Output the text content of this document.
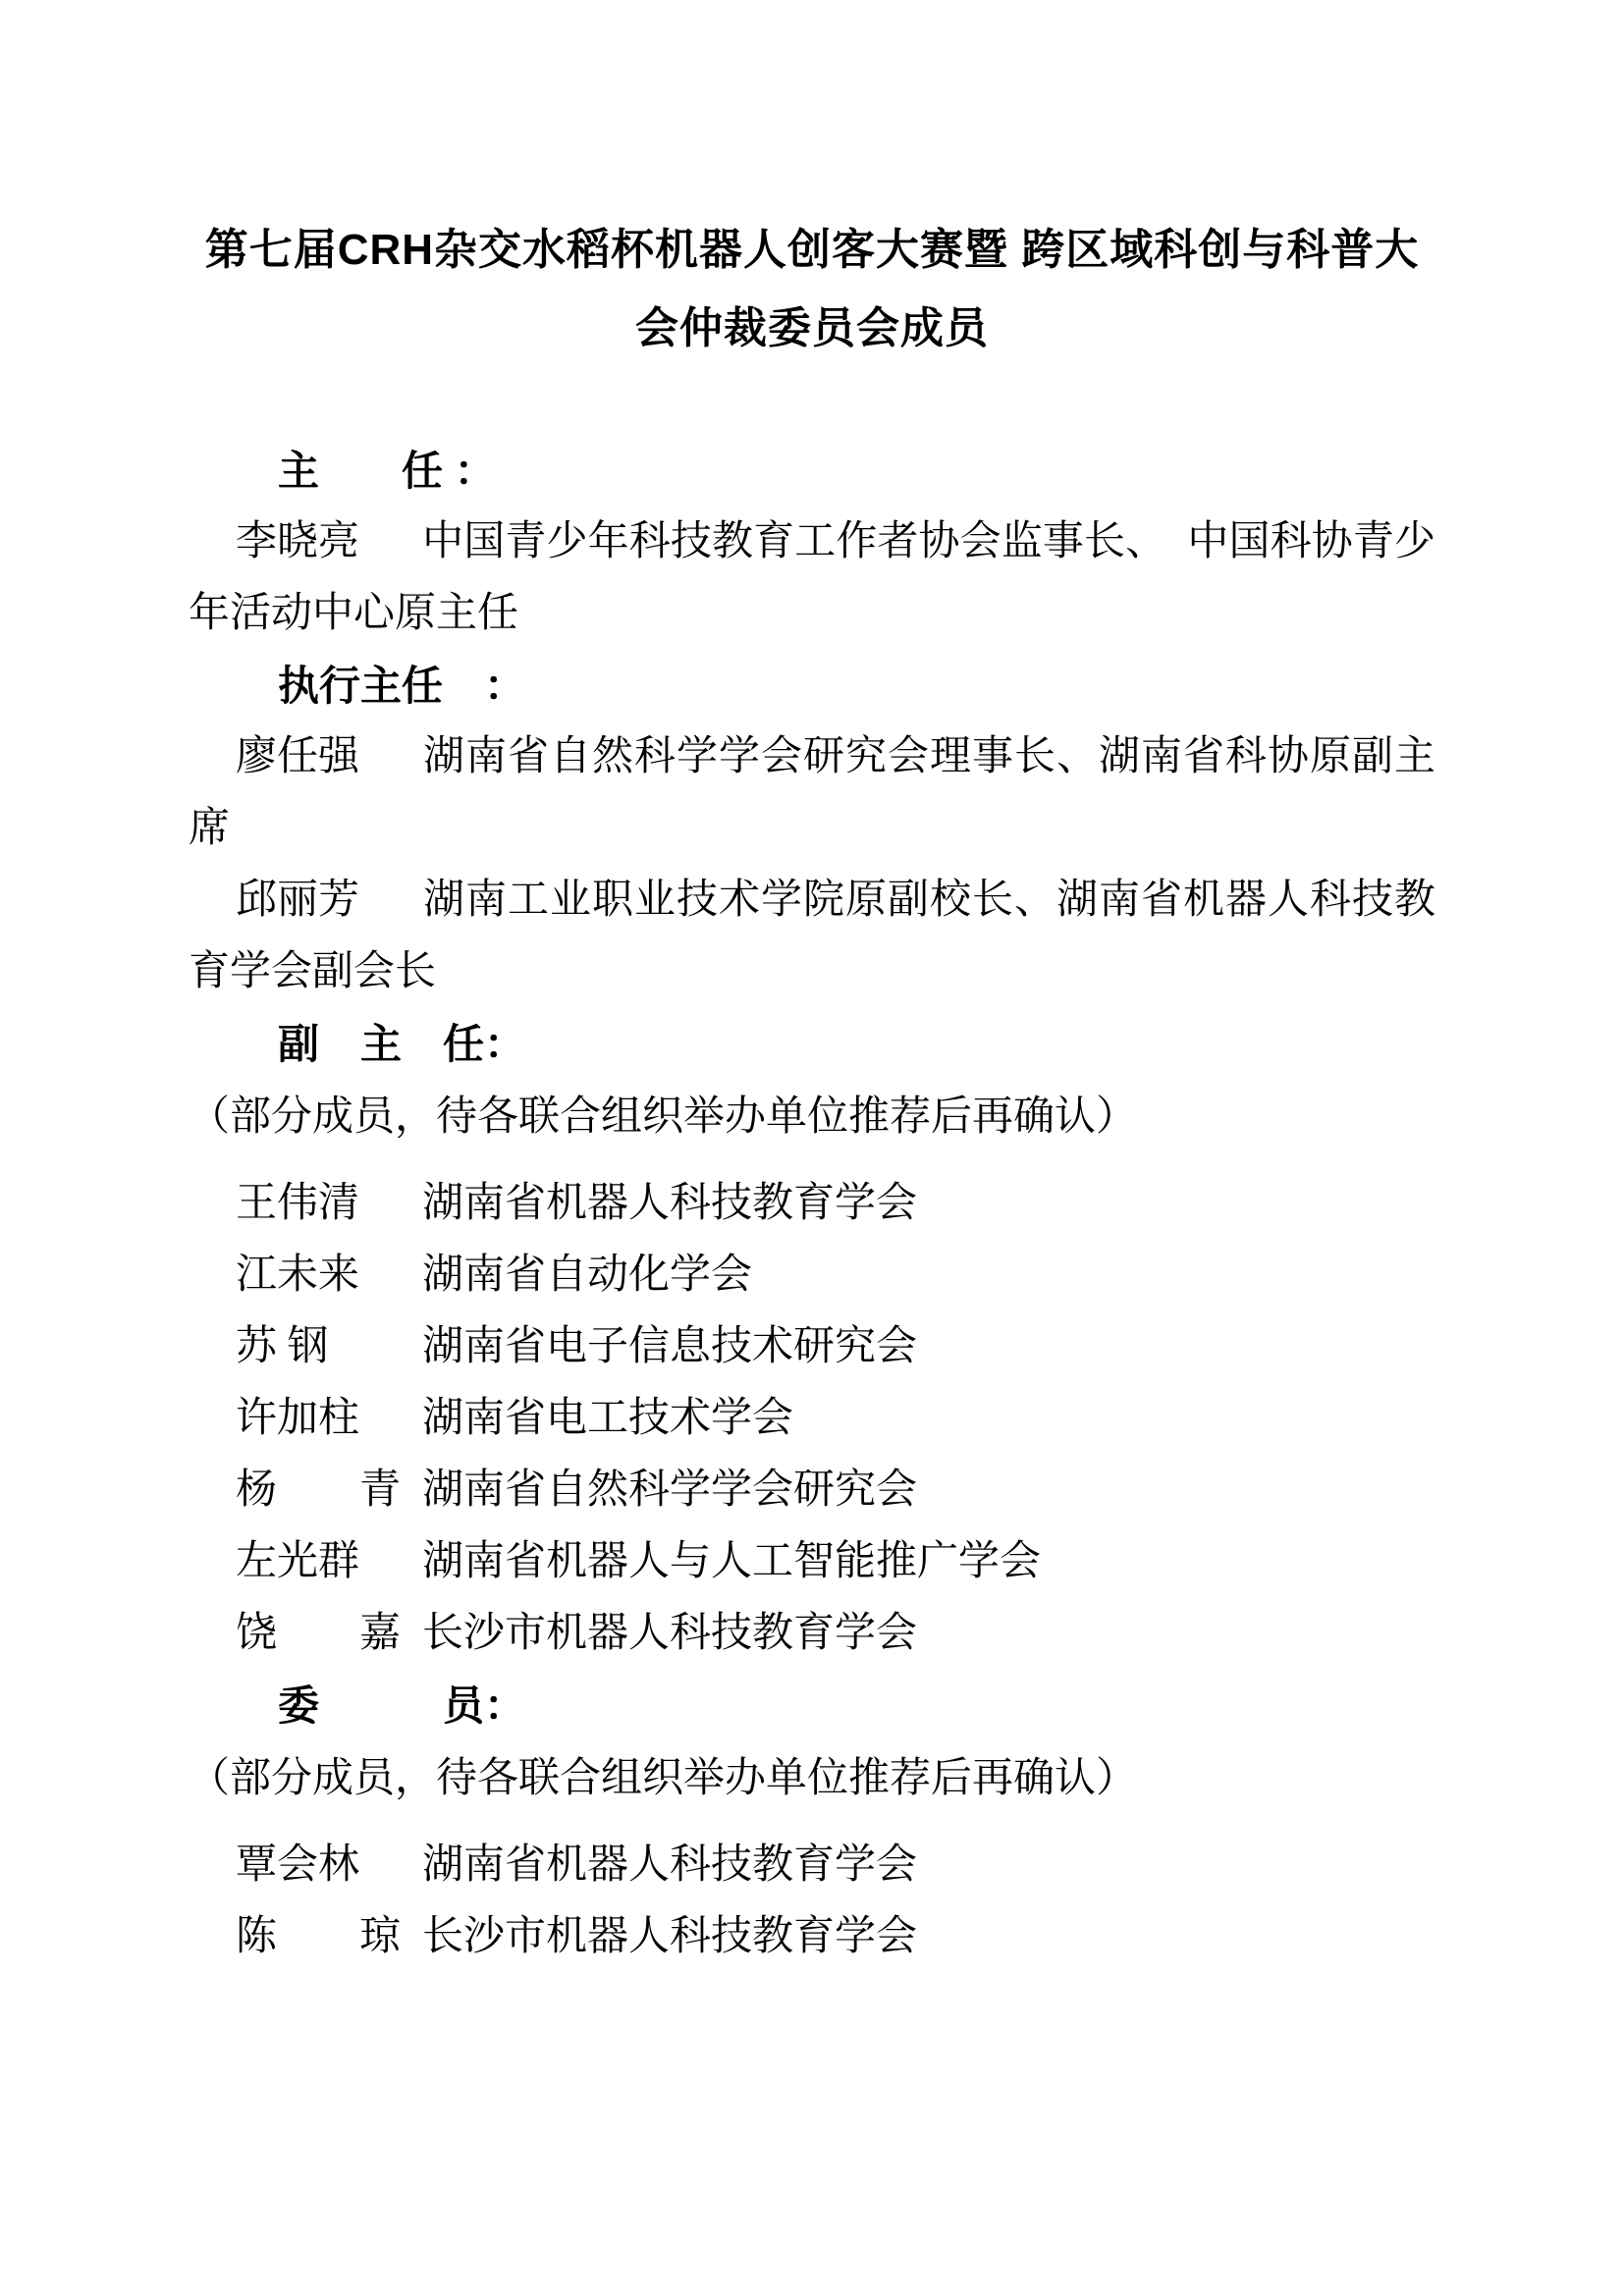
第七届CRH杂交水稻杯机器人创客大赛暨 跨区域科创与科普大
会仲裁委员会成员

主　　任 ：

李晓亮 中国青少年科技教育工作者协会监事长、　中国科协青少年活动中心原主任

执行主任　：

廖任强 湖南省自然科学学会研究会理事长、湖南省科协原副主席

邱丽芳 湖南工业职业技术学院原副校长、湖南省机器人科技教育学会副会长

副　主　任：（部分成员，待各联合组织举办单位推荐后再确认）

王伟清 湖南省机器人科技教育学会

江未来 湖南省自动化学会

苏 钢 湖南省电子信息技术研究会

许加柱 湖南省电工技术学会

杨　　青 湖南省自然科学学会研究会

左光群 湖南省机器人与人工智能推广学会

饶　　嘉 长沙市机器人科技教育学会

委　　　员：（部分成员，待各联合组织举办单位推荐后再确认）

覃会林 湖南省机器人科技教育学会

陈　　琼 长沙市机器人科技教育学会
